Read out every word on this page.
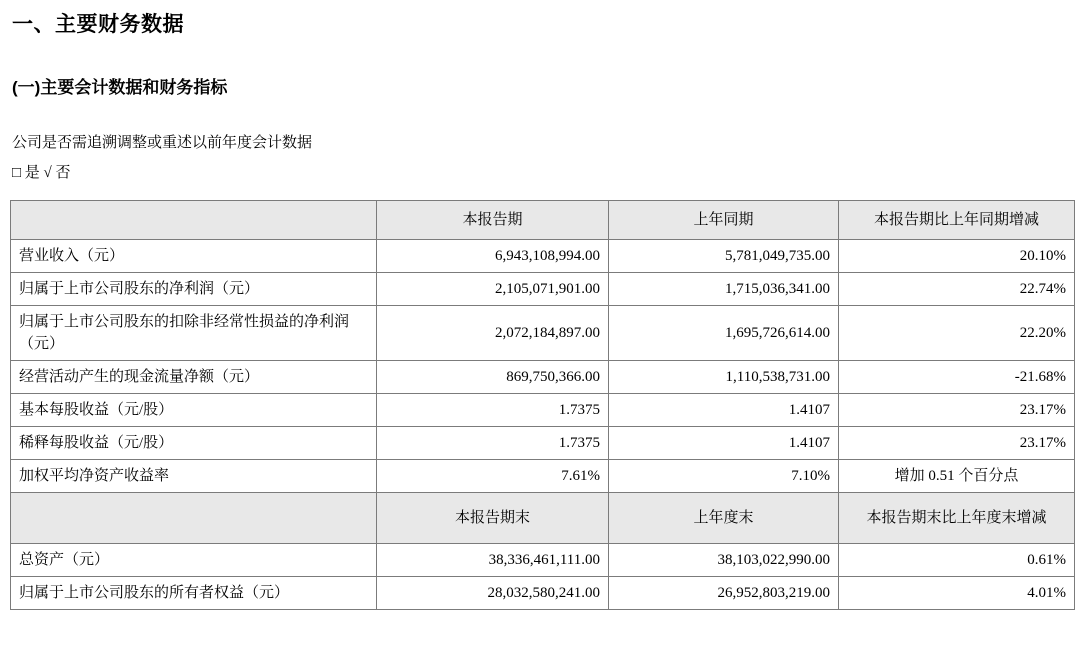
一、主要财务数据
(一)主要会计数据和财务指标
公司是否需追溯调整或重述以前年度会计数据
□ 是 √ 否
	本报告期	上年同期	本报告期比上年同期增减
营业收入（元）	6,943,108,994.00	5,781,049,735.00	20.10%
归属于上市公司股东的净利润（元）	2,105,071,901.00	1,715,036,341.00	22.74%
归属于上市公司股东的扣除非经常性损益的净利润（元）	2,072,184,897.00	1,695,726,614.00	22.20%
经营活动产生的现金流量净额（元）	869,750,366.00	1,110,538,731.00	-21.68%
基本每股收益（元/股）	1.7375	1.4107	23.17%
稀释每股收益（元/股）	1.7375	1.4107	23.17%
加权平均净资产收益率	7.61%	7.10%	增加 0.51 个百分点
	本报告期末	上年度末	本报告期末比上年度末增减
总资产（元）	38,336,461,111.00	38,103,022,990.00	0.61%
归属于上市公司股东的所有者权益（元）	28,032,580,241.00	26,952,803,219.00	4.01%
